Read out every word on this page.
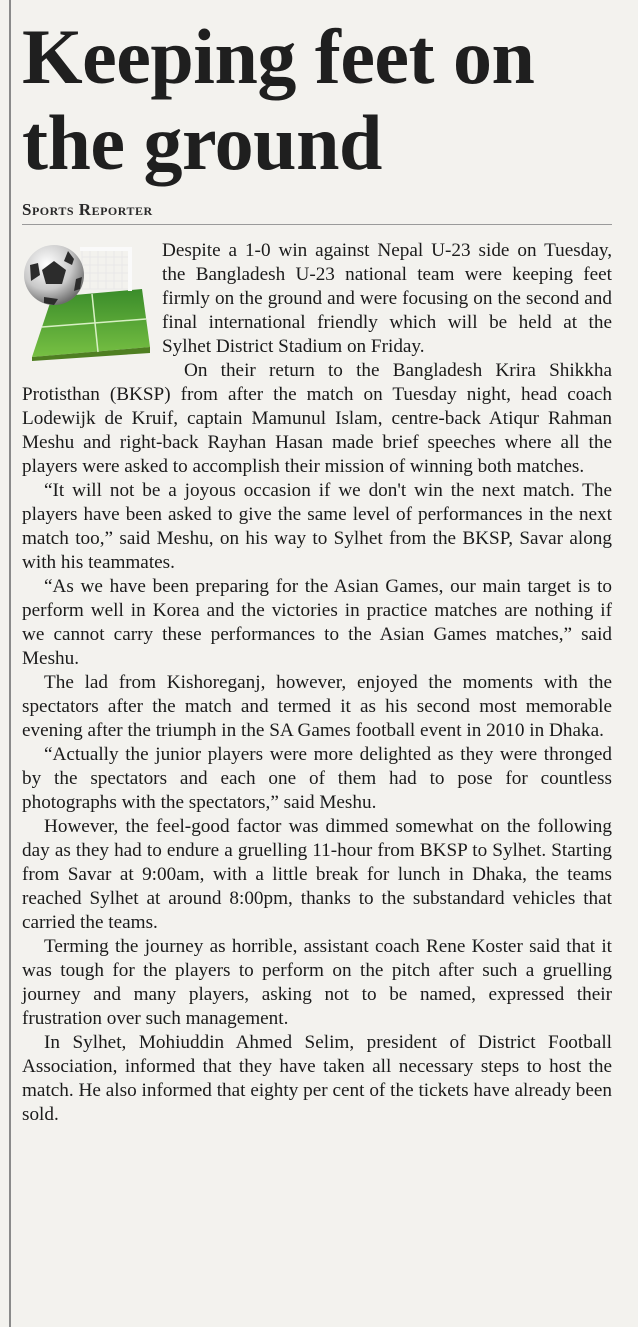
Keeping feet on the ground
Sports Reporter

Despite a 1-0 win against Nepal U-23 side on Tuesday, the Bangladesh U-23 national team were keeping feet firmly on the ground and were focusing on the second and final international friendly which will be held at the Sylhet District Stadium on Friday.

On their return to the Bangladesh Krira Shikkha Protisthan (BKSP) from after the match on Tuesday night, head coach Lodewijk de Kruif, captain Mamunul Islam, centre-back Atiqur Rahman Meshu and right-back Rayhan Hasan made brief speeches where all the players were asked to accomplish their mission of winning both matches.

“It will not be a joyous occasion if we don't win the next match. The players have been asked to give the same level of performances in the next match too,” said Meshu, on his way to Sylhet from the BKSP, Savar along with his teammates.

“As we have been preparing for the Asian Games, our main target is to perform well in Korea and the victories in practice matches are nothing if we cannot carry these performances to the Asian Games matches,” said Meshu.

The lad from Kishoreganj, however, enjoyed the moments with the spectators after the match and termed it as his second most memorable evening after the triumph in the SA Games football event in 2010 in Dhaka.

“Actually the junior players were more delighted as they were thronged by the spectators and each one of them had to pose for countless photographs with the spectators,” said Meshu.

However, the feel-good factor was dimmed somewhat on the following day as they had to endure a gruelling 11-hour from BKSP to Sylhet. Starting from Savar at 9:00am, with a little break for lunch in Dhaka, the teams reached Sylhet at around 8:00pm, thanks to the substandard vehicles that carried the teams.

Terming the journey as horrible, assistant coach Rene Koster said that it was tough for the players to perform on the pitch after such a gruelling journey and many players, asking not to be named, expressed their frustration over such management.

In Sylhet, Mohiuddin Ahmed Selim, president of District Football Association, informed that they have taken all necessary steps to host the match. He also informed that eighty per cent of the tickets have already been sold.
